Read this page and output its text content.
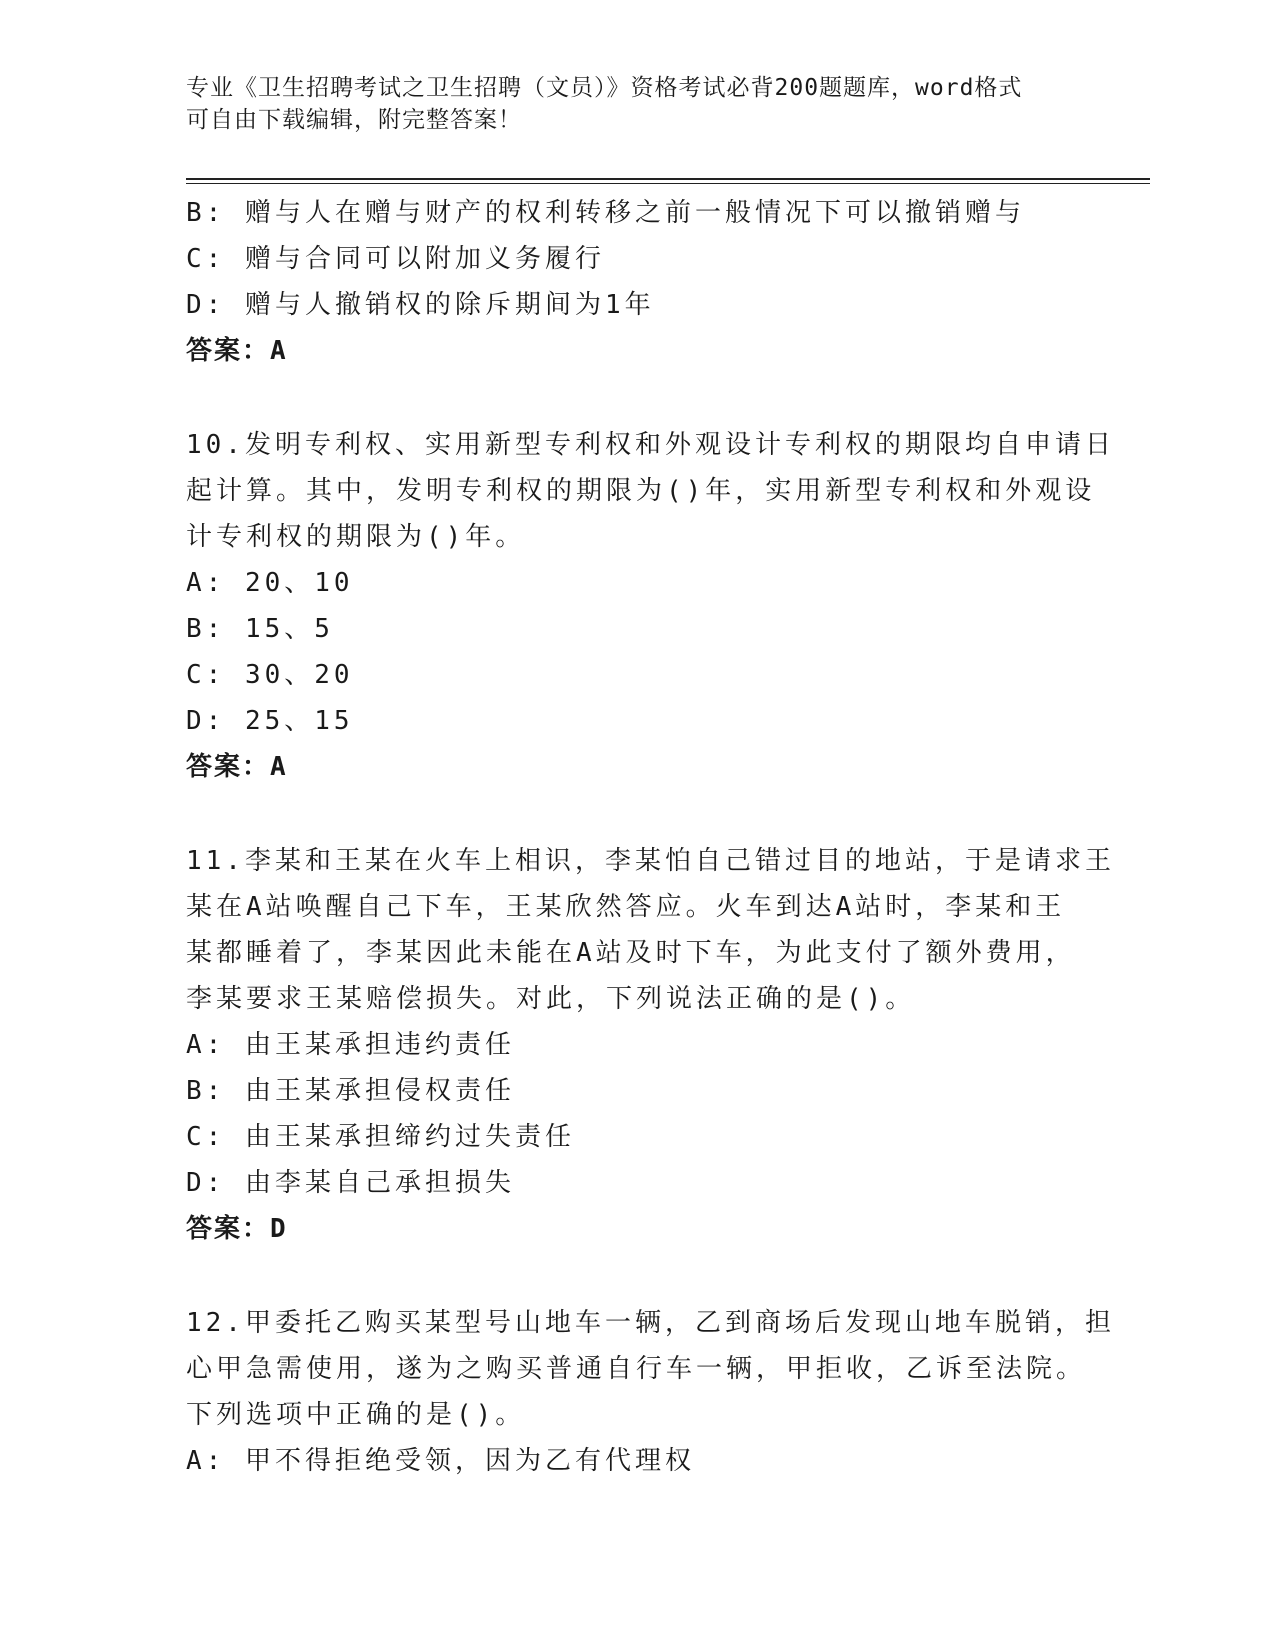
专业《卫生招聘考试之卫生招聘（文员）》资格考试必背200题题库，word格式
可自由下载编辑，附完整答案！
B: 赠与人在赠与财产的权利转移之前一般情况下可以撤销赠与
C: 赠与合同可以附加义务履行
D: 赠与人撤销权的除斥期间为1年
答案：A
10.发明专利权、实用新型专利权和外观设计专利权的期限均自申请日
起计算。其中，发明专利权的期限为()年，实用新型专利权和外观设
计专利权的期限为()年。
A: 20、10
B: 15、5
C: 30、20
D: 25、15
答案：A
11.李某和王某在火车上相识，李某怕自己错过目的地站，于是请求王
某在A站唤醒自己下车，王某欣然答应。火车到达A站时，李某和王
某都睡着了，李某因此未能在A站及时下车，为此支付了额外费用，
李某要求王某赔偿损失。对此，下列说法正确的是()。
A: 由王某承担违约责任
B: 由王某承担侵权责任
C: 由王某承担缔约过失责任
D: 由李某自己承担损失
答案：D
12.甲委托乙购买某型号山地车一辆，乙到商场后发现山地车脱销，担
心甲急需使用，遂为之购买普通自行车一辆，甲拒收，乙诉至法院。
下列选项中正确的是()。
A: 甲不得拒绝受领，因为乙有代理权
